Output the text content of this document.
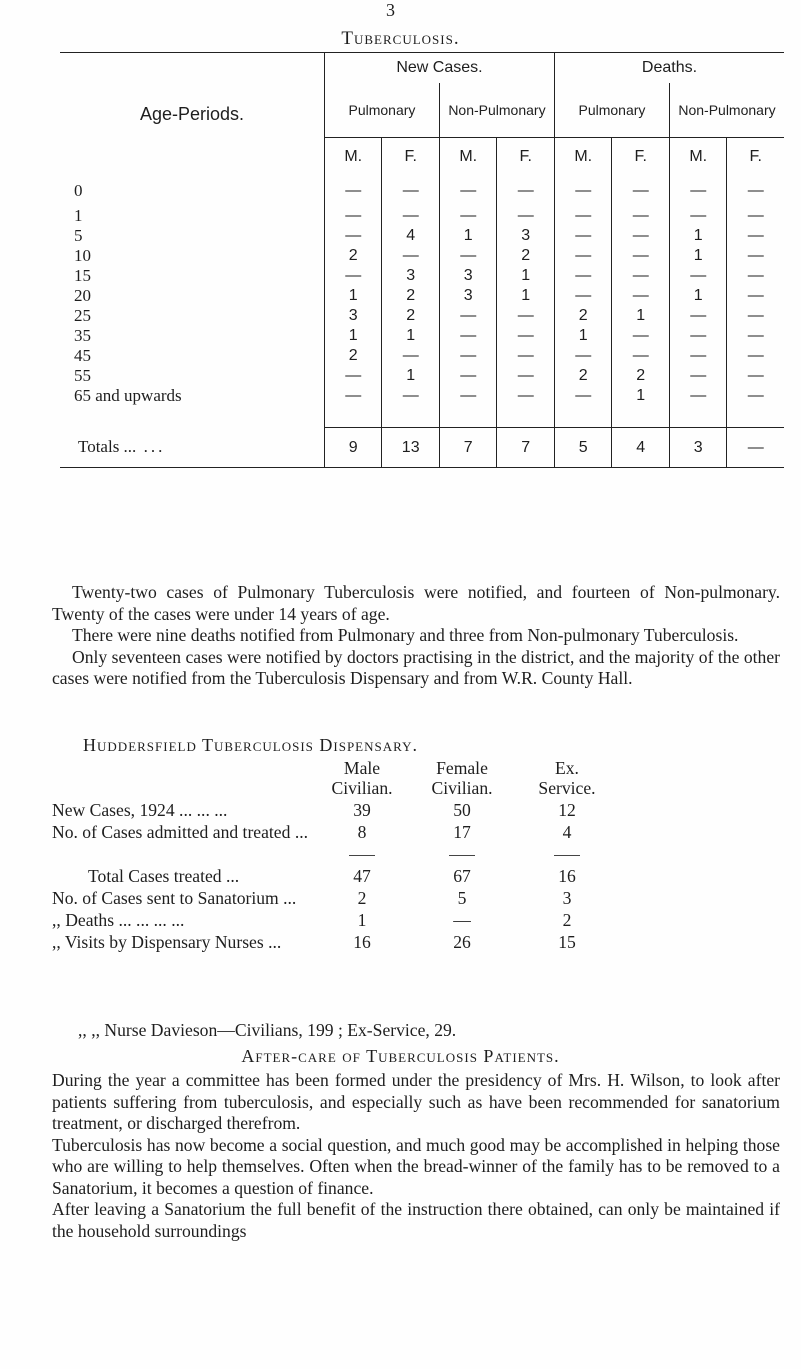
3
Tuberculosis.
Age-Periods.	New Cases.				Deaths.			
	Pulmonary		Non-Pulmonary		Pulmonary		Non-Pulmonary	
	M.	F.	M.	F.	M.	F.	M.	F.
0	—	—	—	—	—	—	—	—
1	—	—	—	—	—	—	—	—
5	—	4	1	3	—	—	1	—
10	2	—	—	2	—	—	1	—
15	—	3	3	1	—	—	—	—
20	1	2	3	1	—	—	1	—
25	3	2	—	—	2	1	—	—
35	1	1	—	—	1	—	—	—
45	2	—	—	—	—	—	—	—
55	—	1	—	—	2	2	—	—
65 and upwards	—	—	—	—	—	1	—	—

Totals ... ...	9	13	7	7	5	4	3	—

Twenty-two cases of Pulmonary Tuberculosis were notified, and fourteen of Non-pulmonary. Twenty of the cases were under 14 years of age.

There were nine deaths notified from Pulmonary and three from Non-pulmonary Tuberculosis.

Only seventeen cases were notified by doctors practising in the district, and the majority of the other cases were notified from the Tuberculosis Dispensary and from W.R. County Hall.

Huddersfield Tuberculosis Dispensary.
Male	Female	Ex.
Civilian.	Civilian.	Service.
New Cases, 1924 ... ... ...	39	50	12
No. of Cases admitted and treated ...	8	17	4
Total Cases treated ...	47	67	16
No. of Cases sent to Sanatorium ...	2	5	3
,, Deaths ... ... ... ...	1	—	2
,, Visits by Dispensary Nurses ...	16	26	15
,, ,, Nurse Davieson—Civilians, 199 ; Ex-Service, 29.
After-care of Tuberculosis Patients.

During the year a committee has been formed under the presidency of Mrs. H. Wilson, to look after patients suffering from tuberculosis, and especially such as have been recommended for sanatorium treatment, or discharged therefrom.

Tuberculosis has now become a social question, and much good may be accomplished in helping those who are willing to help themselves. Often when the bread-winner of the family has to be removed to a Sanatorium, it becomes a question of finance.

After leaving a Sanatorium the full benefit of the instruction there obtained, can only be maintained if the household surroundings
